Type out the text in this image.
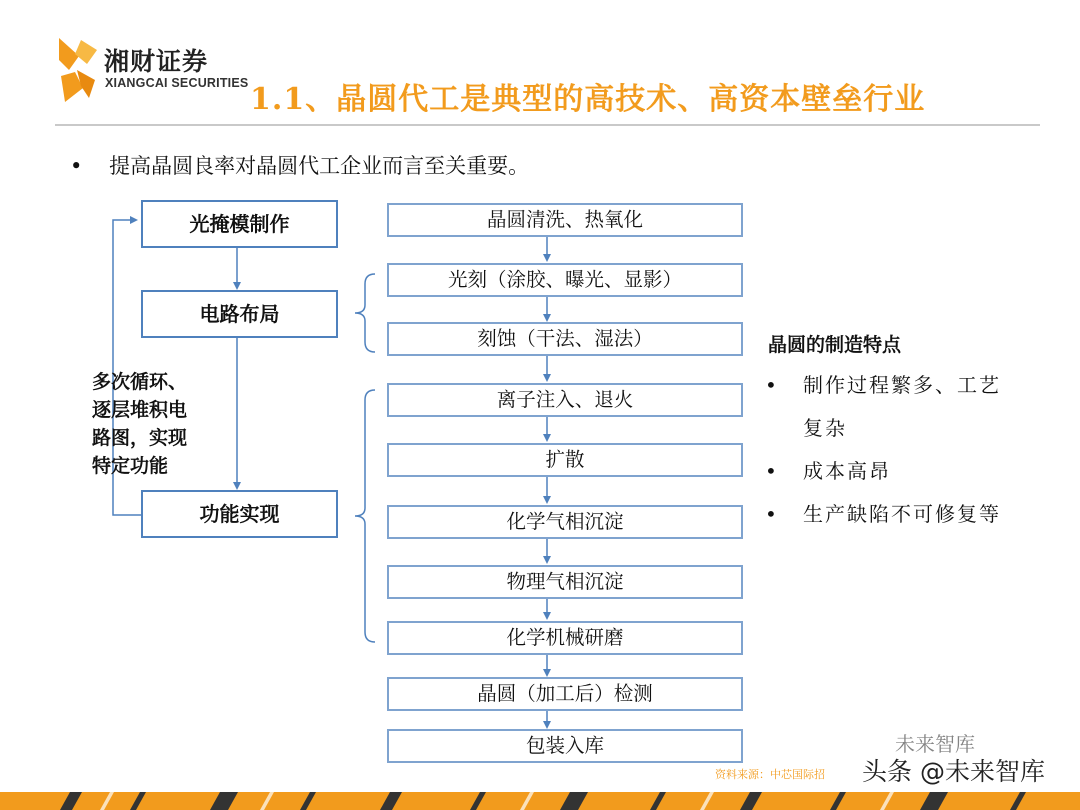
湘财证券
XIANGCAI SECURITIES 1.1、晶圆代工是典型的高技术、高资本壁垒行业
• 提高晶圆良率对晶圆代工企业而言至关重要。
光掩模制作
电路布局
功能实现
多次循环、
逐层堆积电
路图，实现
特定功能
晶圆清洗、热氧化
光刻（涂胶、曝光、显影）
刻蚀（干法、湿法）
离子注入、退火
扩散
化学气相沉淀
物理气相沉淀
化学机械研磨
晶圆（加工后）检测
包装入库
晶圆的制造特点
• 制作过程繁多、工艺
复杂
• 成本高昂
• 生产缺陷不可修复等
资料来源：中芯国际招
未来智库
头条 @未来智库
